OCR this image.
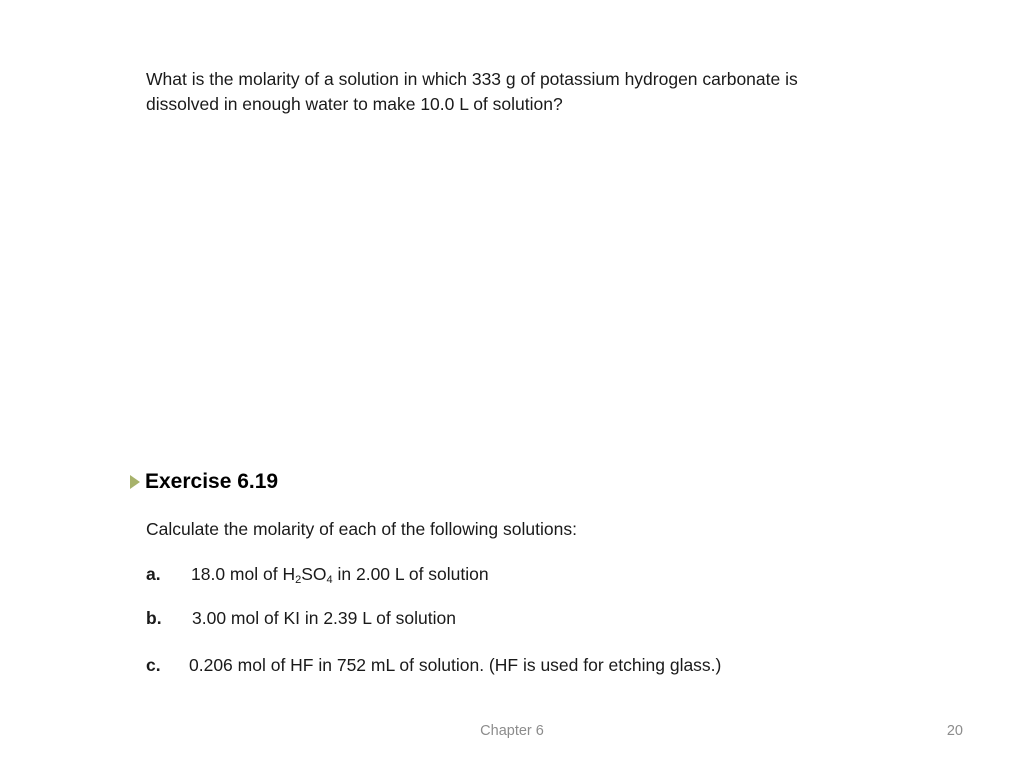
What is the molarity of a solution in which 333 g of potassium hydrogen carbonate is
dissolved in enough water to make 10.0 L of solution?
Exercise 6.19
Calculate the molarity of each of the following solutions:
a. 18.0 mol of $H_2SO_4$ in 2.00 L of solution
b. 3.00 mol of KI in 2.39 L of solution
c. 0.206 mol of HF in 752 mL of solution. (HF is used for etching glass.)
Chapter 6	20
